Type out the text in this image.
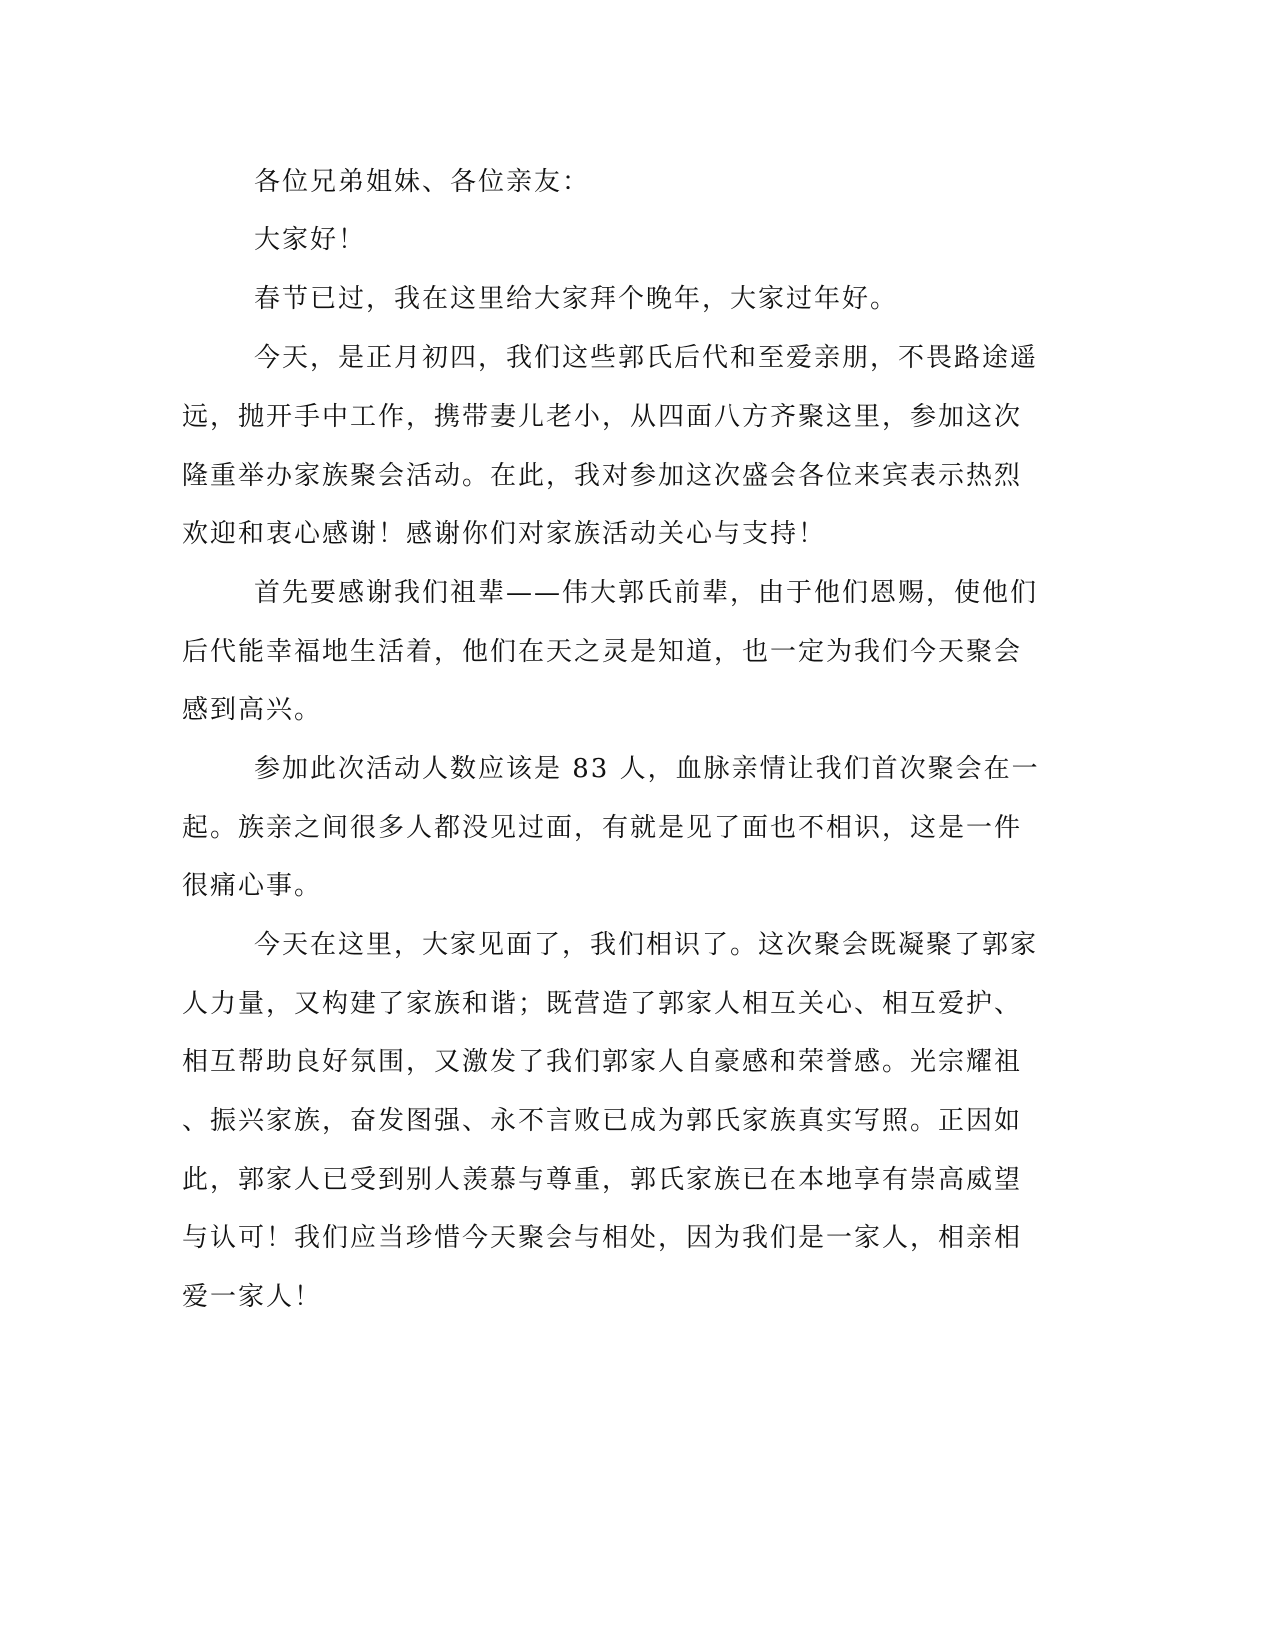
各位兄弟姐妹、各位亲友：
大家好！
春节已过，我在这里给大家拜个晚年，大家过年好。
今天，是正月初四，我们这些郭氏后代和至爱亲朋，不畏路途遥
远，抛开手中工作，携带妻儿老小，从四面八方齐聚这里，参加这次
隆重举办家族聚会活动。在此，我对参加这次盛会各位来宾表示热烈
欢迎和衷心感谢！感谢你们对家族活动关心与支持！
首先要感谢我们祖辈——伟大郭氏前辈，由于他们恩赐，使他们
后代能幸福地生活着，他们在天之灵是知道，也一定为我们今天聚会
感到高兴。
参加此次活动人数应该是 83 人，血脉亲情让我们首次聚会在一
起。族亲之间很多人都没见过面，有就是见了面也不相识，这是一件
很痛心事。
今天在这里，大家见面了，我们相识了。这次聚会既凝聚了郭家
人力量，又构建了家族和谐；既营造了郭家人相互关心、相互爱护、
相互帮助良好氛围，又激发了我们郭家人自豪感和荣誉感。光宗耀祖
、振兴家族，奋发图强、永不言败已成为郭氏家族真实写照。正因如
此，郭家人已受到别人羡慕与尊重，郭氏家族已在本地享有崇高威望
与认可！我们应当珍惜今天聚会与相处，因为我们是一家人，相亲相
爱一家人！
